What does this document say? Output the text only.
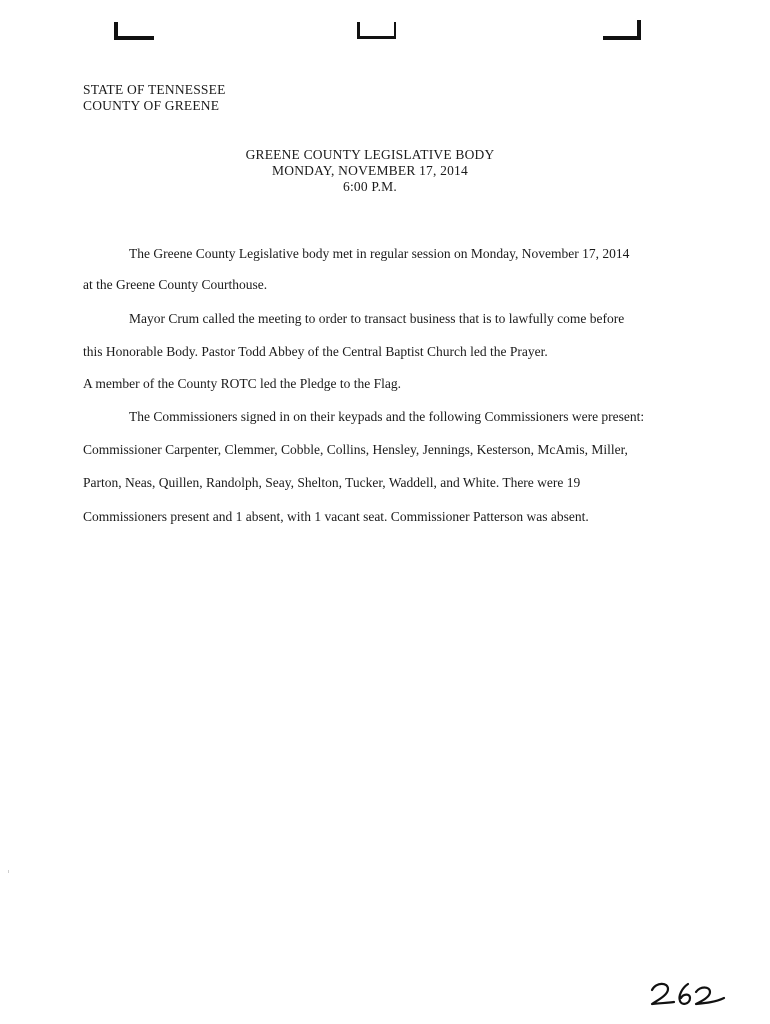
STATE OF TENNESSEE
COUNTY OF GREENE
GREENE COUNTY LEGISLATIVE BODY
MONDAY, NOVEMBER 17, 2014
6:00 P.M.
The Greene County Legislative body met in regular session on Monday, November 17, 2014
at the Greene County Courthouse.
Mayor Crum called the meeting to order to transact business that is to lawfully come before
this Honorable Body. Pastor Todd Abbey of the Central Baptist Church led the Prayer.
A member of the County ROTC led the Pledge to the Flag.
The Commissioners signed in on their keypads and the following Commissioners were present:
Commissioner Carpenter, Clemmer, Cobble, Collins, Hensley, Jennings, Kesterson, McAmis, Miller,
Parton, Neas, Quillen, Randolph, Seay, Shelton, Tucker, Waddell, and White. There were 19
Commissioners present and 1 absent, with 1 vacant seat. Commissioner Patterson was absent.
